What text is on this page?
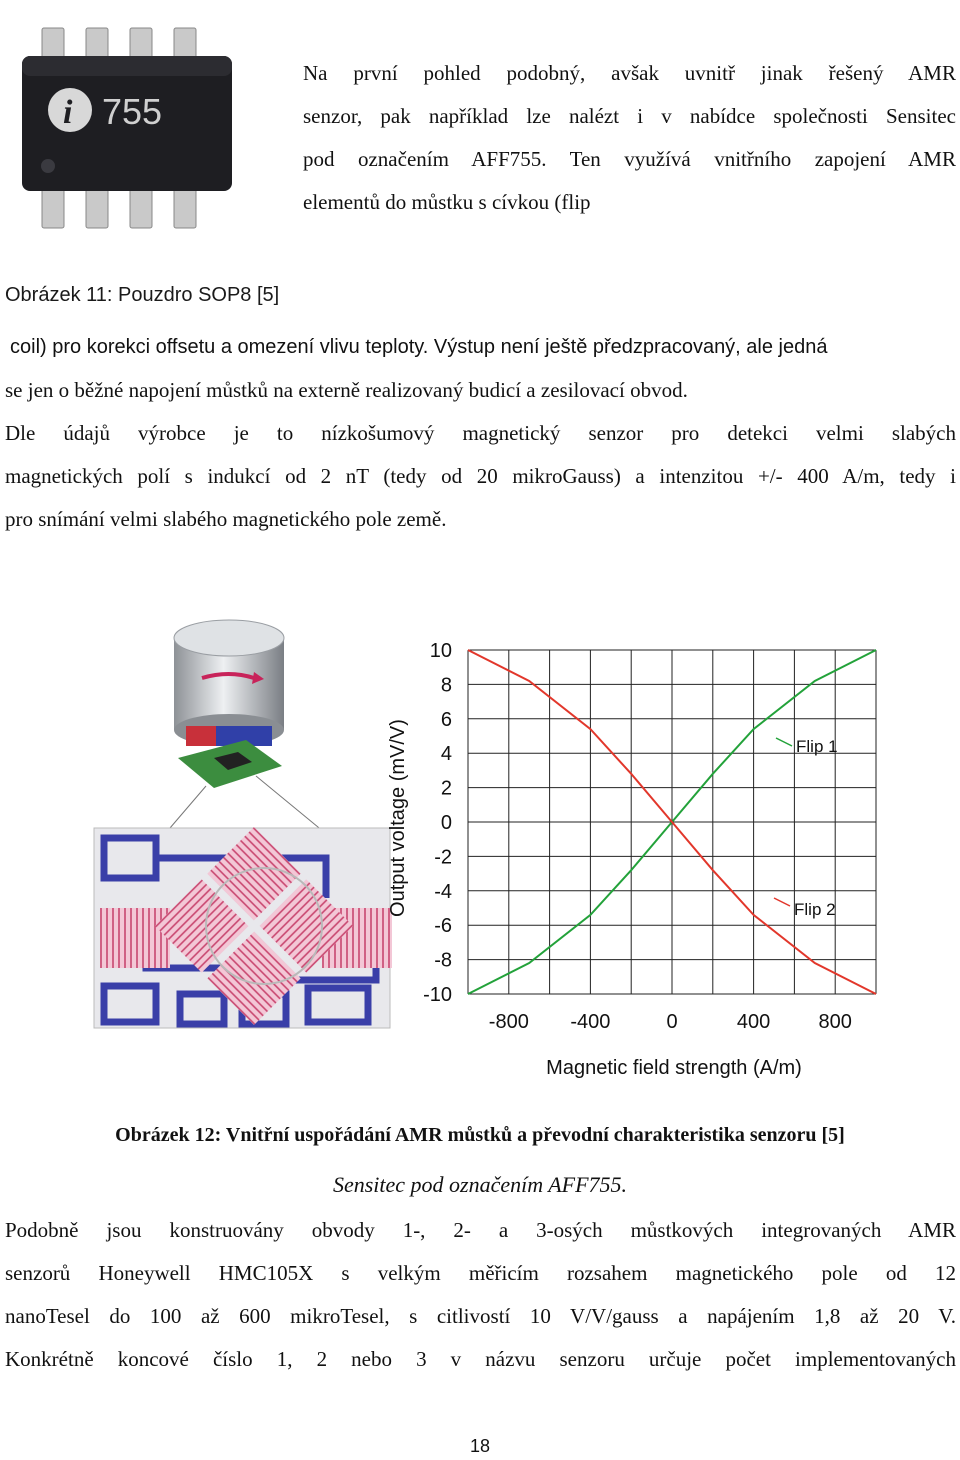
i 755
Na první pohled podobný, avšak uvnitř jinak řešený AMR
senzor, pak například lze nalézt i v nabídce společnosti Sensitec
pod označením AFF755. Ten využívá vnitřního zapojení AMR
elementů do můstku s cívkou (flip
Obrázek 11: Pouzdro SOP8 [5]
coil) pro korekci offsetu a omezení vlivu teploty. Výstup není ještě předzpracovaný, ale jedná
se jen o běžné napojení můstků na externě realizovaný budicí a zesilovací obvod.
Dle údajů výrobce je to nízkošumový magnetický senzor pro detekci velmi slabých
magnetických polí s indukcí od 2 nT (tedy od 20 mikroGauss) a intenzitou +/- 400 A/m, tedy i
pro snímání velmi slabého magnetického pole země.
10
8
6
4
2
0
-2
-4
-6
-8
-10
-800 -400	0	400 800
Output voltage (mV/V)
Magnetic field strength (A/m)
Flip 1
Flip 2
Obrázek 12: Vnitřní uspořádání AMR můstků a převodní charakteristika senzoru [5]
Sensitec pod označením AFF755.
Podobně jsou konstruovány obvody 1-, 2- a 3-osých můstkových integrovaných AMR
senzorů Honeywell HMC105X s velkým měřicím rozsahem magnetického pole od 12
nanoTesel do 100 až 600 mikroTesel, s citlivostí 10 V/V/gauss a napájením 1,8 až 20 V.
Konkrétně koncové číslo 1, 2 nebo 3 v názvu senzoru určuje počet implementovaných
18
